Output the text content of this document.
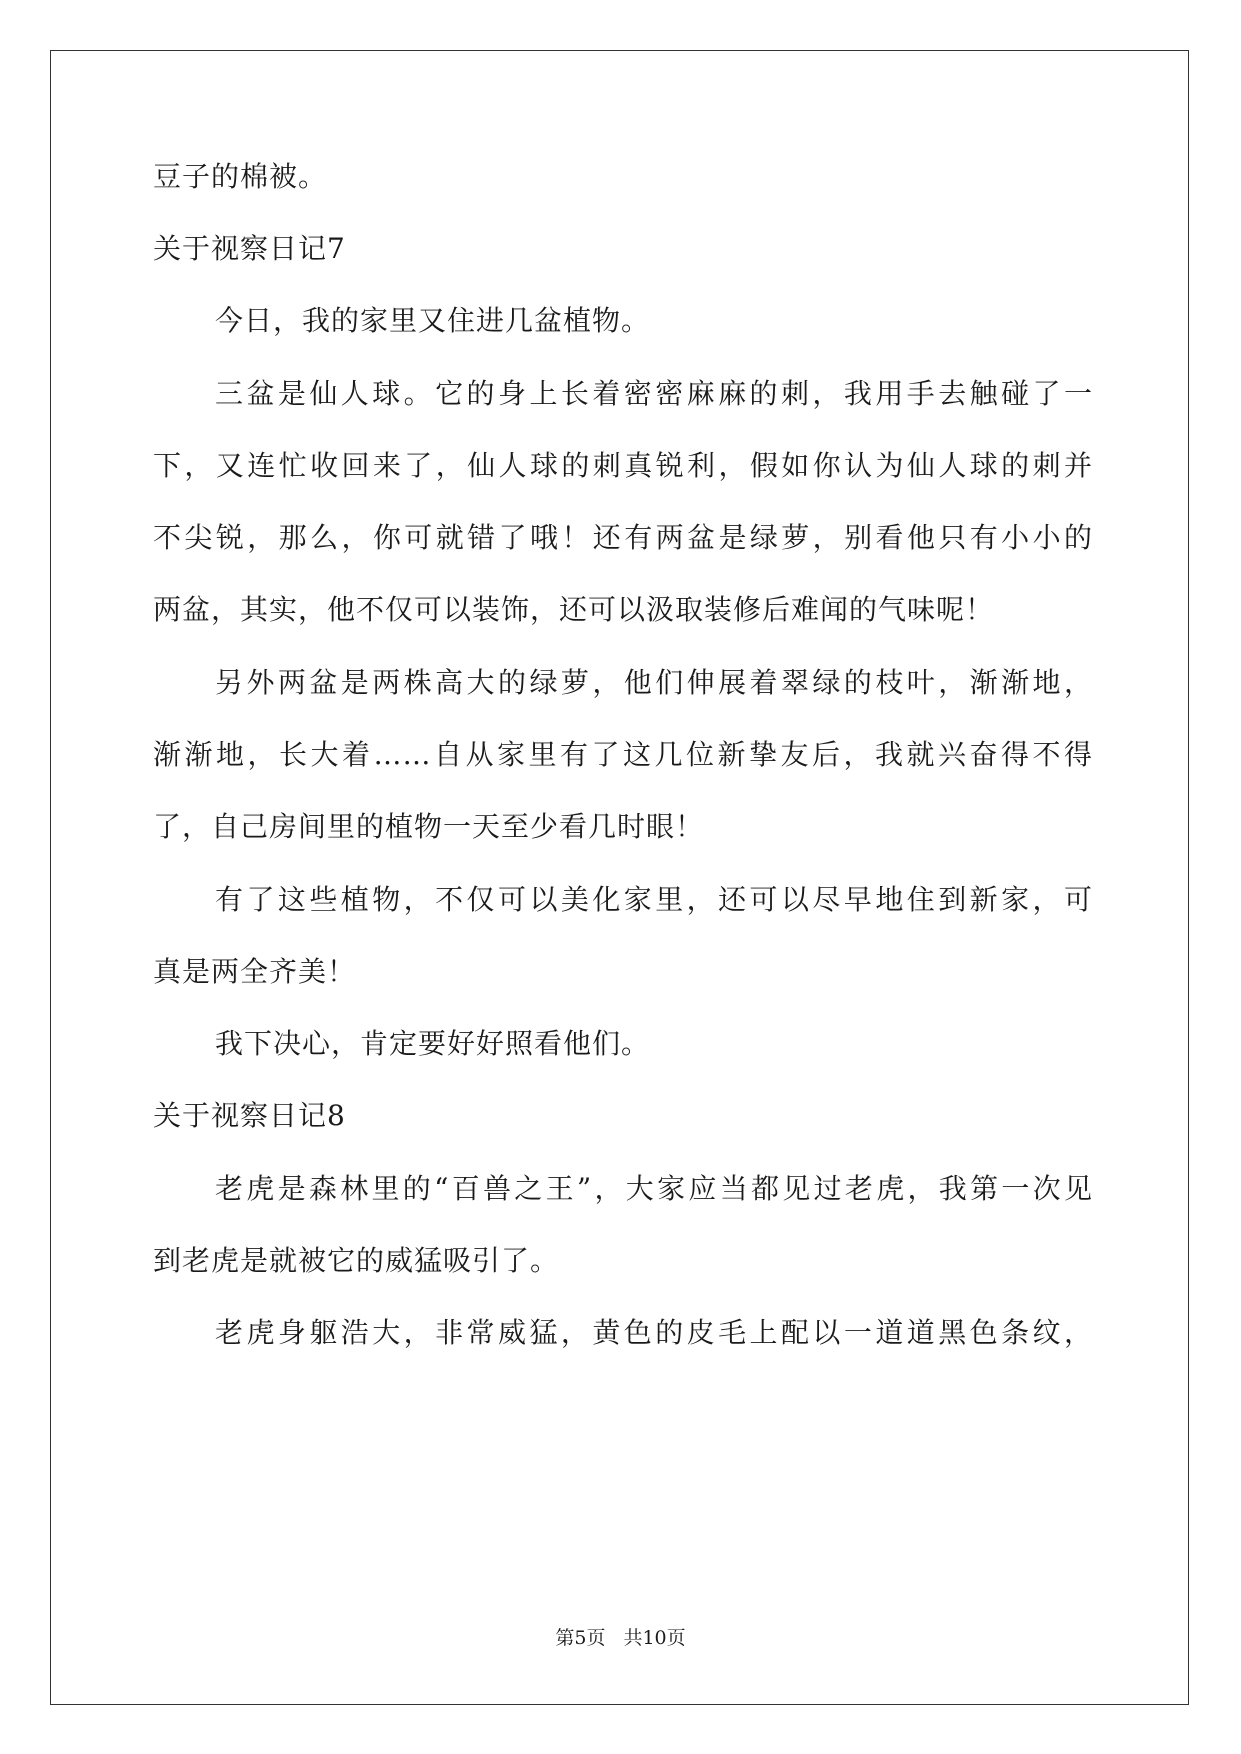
豆子的棉被。
关于视察日记7
今日，我的家里又住进几盆植物。
三盆是仙人球。它的身上长着密密麻麻的刺，我用手去触碰了一
下，又连忙收回来了，仙人球的刺真锐利，假如你认为仙人球的刺并
不尖锐，那么，你可就错了哦！还有两盆是绿萝，别看他只有小小的
两盆，其实，他不仅可以装饰，还可以汲取装修后难闻的气味呢！
另外两盆是两株高大的绿萝，他们伸展着翠绿的枝叶，渐渐地，
渐渐地，长大着……自从家里有了这几位新挚友后，我就兴奋得不得
了，自己房间里的植物一天至少看几时眼！
有了这些植物，不仅可以美化家里，还可以尽早地住到新家，可
真是两全齐美！
我下决心，肯定要好好照看他们。
关于视察日记8
老虎是森林里的“百兽之王”，大家应当都见过老虎，我第一次见
到老虎是就被它的威猛吸引了。
老虎身躯浩大，非常威猛，黄色的皮毛上配以一道道黑色条纹，
第5页 共10页
